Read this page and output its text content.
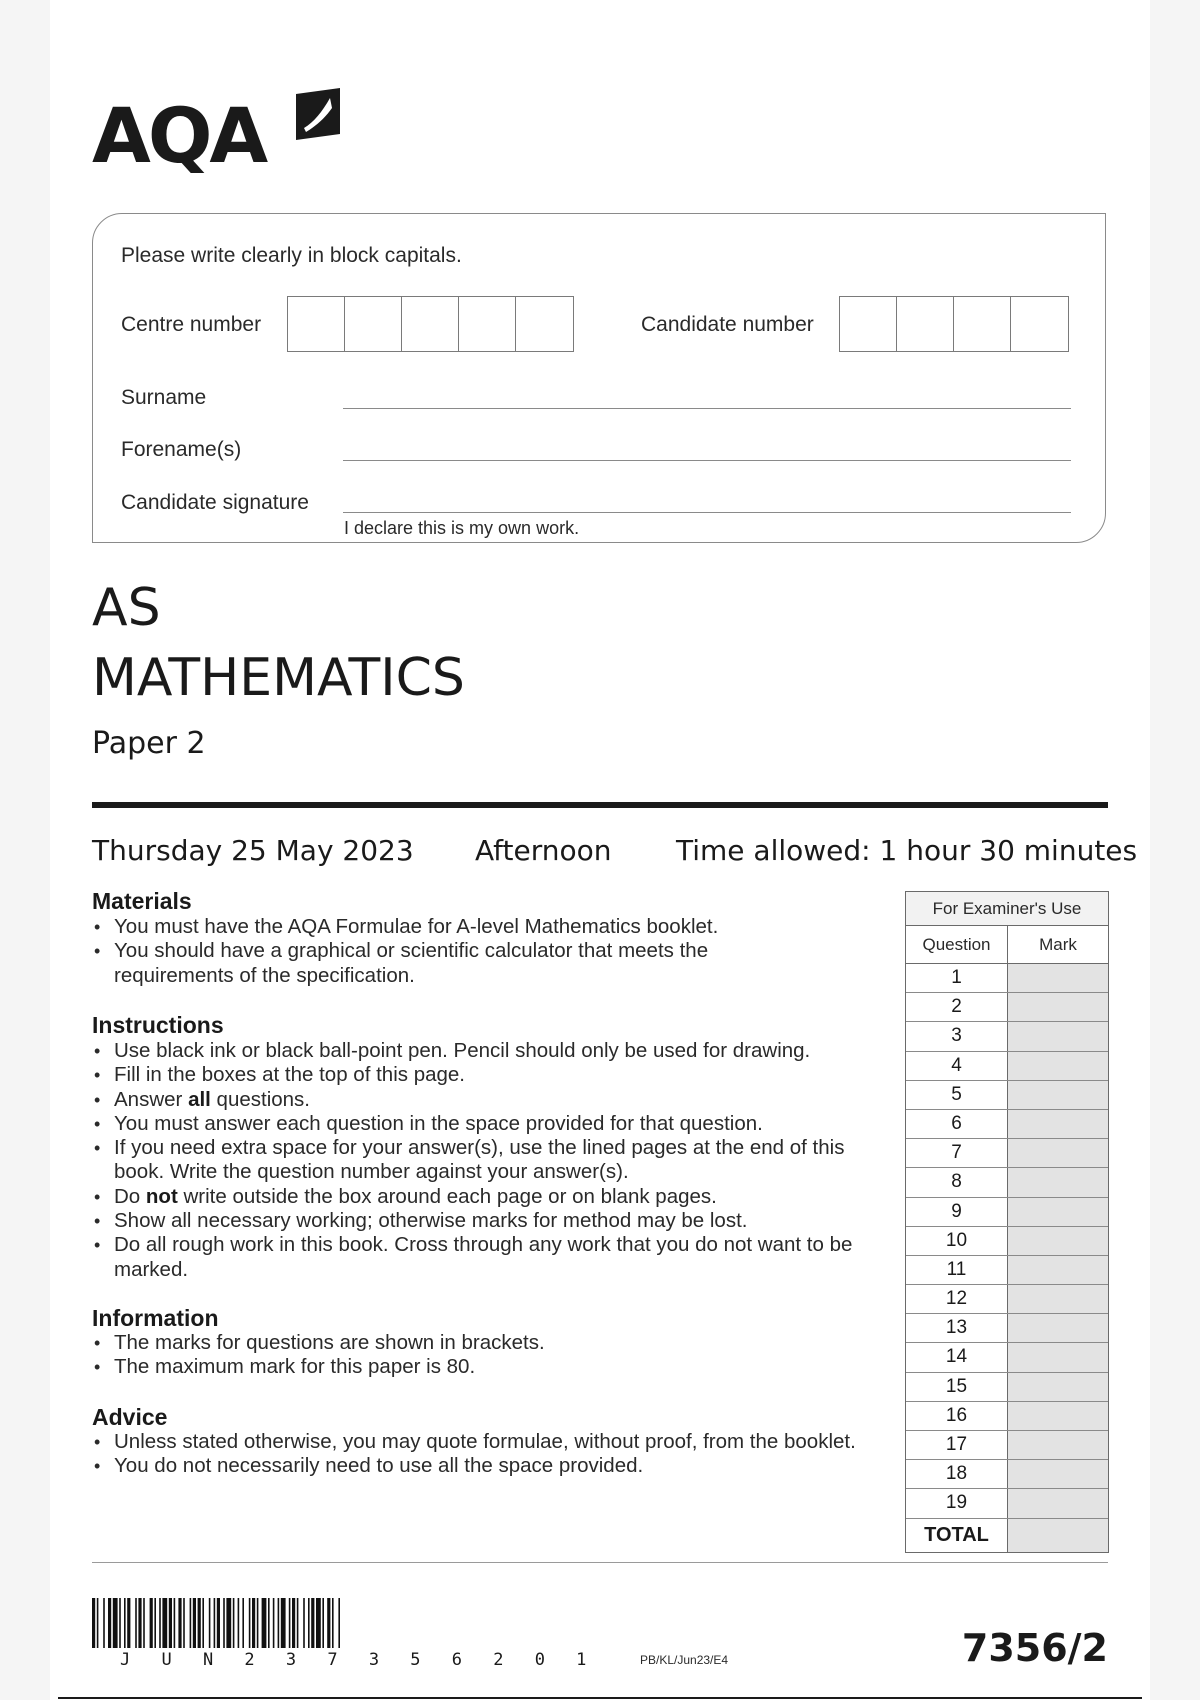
AQA
Please write clearly in block capitals.
Centre number	Candidate number
Surname
Forename(s)
Candidate signature
I declare this is my own work.
AS
MATHEMATICS
Paper 2
Thursday 25 May 2023 Afternoon Time allowed: 1 hour 30 minutes
Materials
• You must have the AQA Formulae for A-level Mathematics booklet.
• You should have a graphical or scientific calculator that meets the requirements of the specification.
Instructions
• Use black ink or black ball-point pen. Pencil should only be used for drawing.
• Fill in the boxes at the top of this page.
• Answer all questions.
• You must answer each question in the space provided for that question.
• If you need extra space for your answer(s), use the lined pages at the end of this book. Write the question number against your answer(s).
• Do not write outside the box around each page or on blank pages.
• Show all necessary working; otherwise marks for method may be lost.
• Do all rough work in this book. Cross through any work that you do not want to be marked.
Information
• The marks for questions are shown in brackets.
• The maximum mark for this paper is 80.
Advice
• Unless stated otherwise, you may quote formulae, without proof, from the booklet.
• You do not necessarily need to use all the space provided.
For Examiner's Use
Question	Mark
1
2
3
4
5
6
7
8
9
10
11
12
13
14
15
16
17
18
19
TOTAL
J U N 2 3 7 3 5 6 2 0 1	PB/KL/Jun23/E4	7356/2
